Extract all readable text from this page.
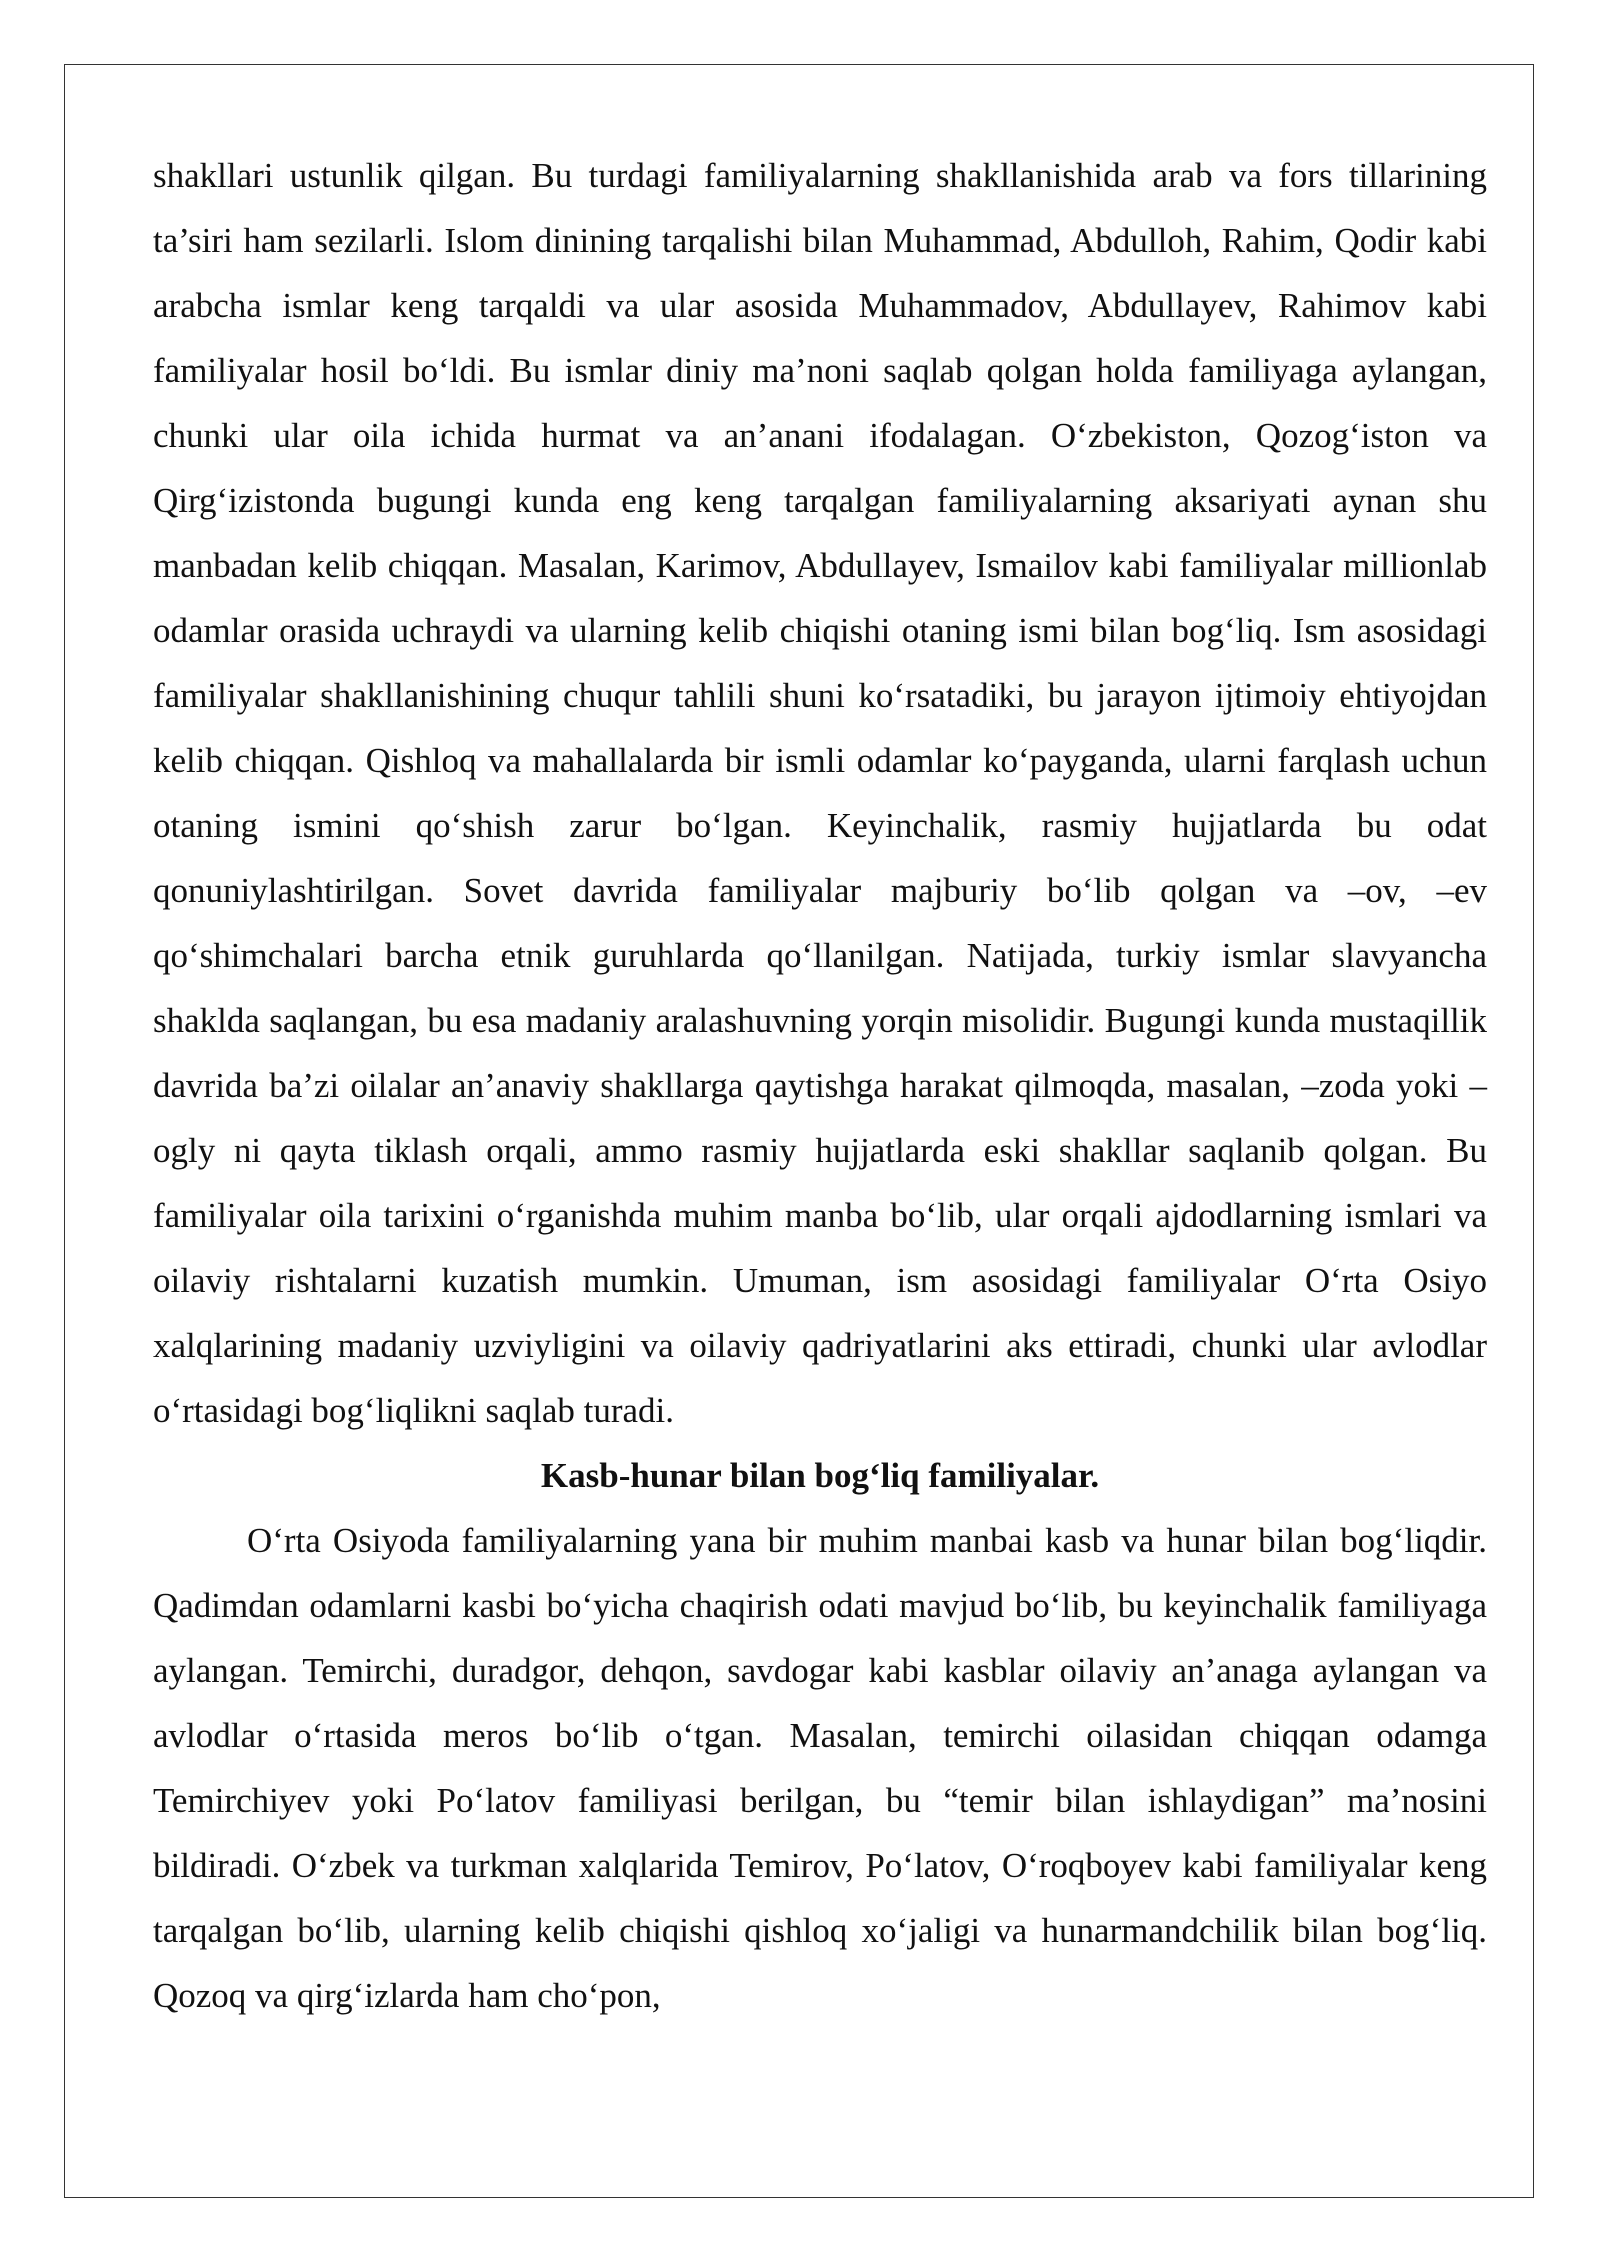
shakllari ustunlik qilgan. Bu turdagi familiyalarning shakllanishida arab va fors tillarining ta’siri ham sezilarli. Islom dinining tarqalishi bilan Muhammad, Abdulloh, Rahim, Qodir kabi arabcha ismlar keng tarqaldi va ular asosida Muhammadov, Abdullayev, Rahimov kabi familiyalar hosil bo‘ldi. Bu ismlar diniy ma’noni saqlab qolgan holda familiyaga aylangan, chunki ular oila ichida hurmat va an’anani ifodalagan. O‘zbekiston, Qozog‘iston va Qirg‘izistonda bugungi kunda eng keng tarqalgan familiyalarning aksariyati aynan shu manbadan kelib chiqqan. Masalan, Karimov, Abdullayev, Ismailov kabi familiyalar millionlab odamlar orasida uchraydi va ularning kelib chiqishi otaning ismi bilan bog‘liq. Ism asosidagi familiyalar shakllanishining chuqur tahlili shuni ko‘rsatadiki, bu jarayon ijtimoiy ehtiyojdan kelib chiqqan. Qishloq va mahallalarda bir ismli odamlar ko‘payganda, ularni farqlash uchun otaning ismini qo‘shish zarur bo‘lgan. Keyinchalik, rasmiy hujjatlarda bu odat qonuniylashtirilgan. Sovet davrida familiyalar majburiy bo‘lib qolgan va –ov, –ev qo‘shimchalari barcha etnik guruhlarda qo‘llanilgan. Natijada, turkiy ismlar slavyancha shaklda saqlangan, bu esa madaniy aralashuvning yorqin misolidir. Bugungi kunda mustaqillik davrida ba’zi oilalar an’anaviy shakllarga qaytishga harakat qilmoqda, masalan, –zoda yoki –ogly ni qayta tiklash orqali, ammo rasmiy hujjatlarda eski shakllar saqlanib qolgan. Bu familiyalar oila tarixini o‘rganishda muhim manba bo‘lib, ular orqali ajdodlarning ismlari va oilaviy rishtalarni kuzatish mumkin. Umuman, ism asosidagi familiyalar O‘rta Osiyo xalqlarining madaniy uzviyligini va oilaviy qadriyatlarini aks ettiradi, chunki ular avlodlar o‘rtasidagi bog‘liqlikni saqlab turadi.

Kasb-hunar bilan bog‘liq familiyalar.

O‘rta Osiyoda familiyalarning yana bir muhim manbai kasb va hunar bilan bog‘liqdir. Qadimdan odamlarni kasbi bo‘yicha chaqirish odati mavjud bo‘lib, bu keyinchalik familiyaga aylangan. Temirchi, duradgor, dehqon, savdogar kabi kasblar oilaviy an’anaga aylangan va avlodlar o‘rtasida meros bo‘lib o‘tgan. Masalan, temirchi oilasidan chiqqan odamga Temirchiyev yoki Po‘latov familiyasi berilgan, bu “temir bilan ishlaydigan” ma’nosini bildiradi. O‘zbek va turkman xalqlarida Temirov, Po‘latov, O‘roqboyev kabi familiyalar keng tarqalgan bo‘lib, ularning kelib chiqishi qishloq xo‘jaligi va hunarmandchilik bilan bog‘liq. Qozoq va qirg‘izlarda ham cho‘pon,
